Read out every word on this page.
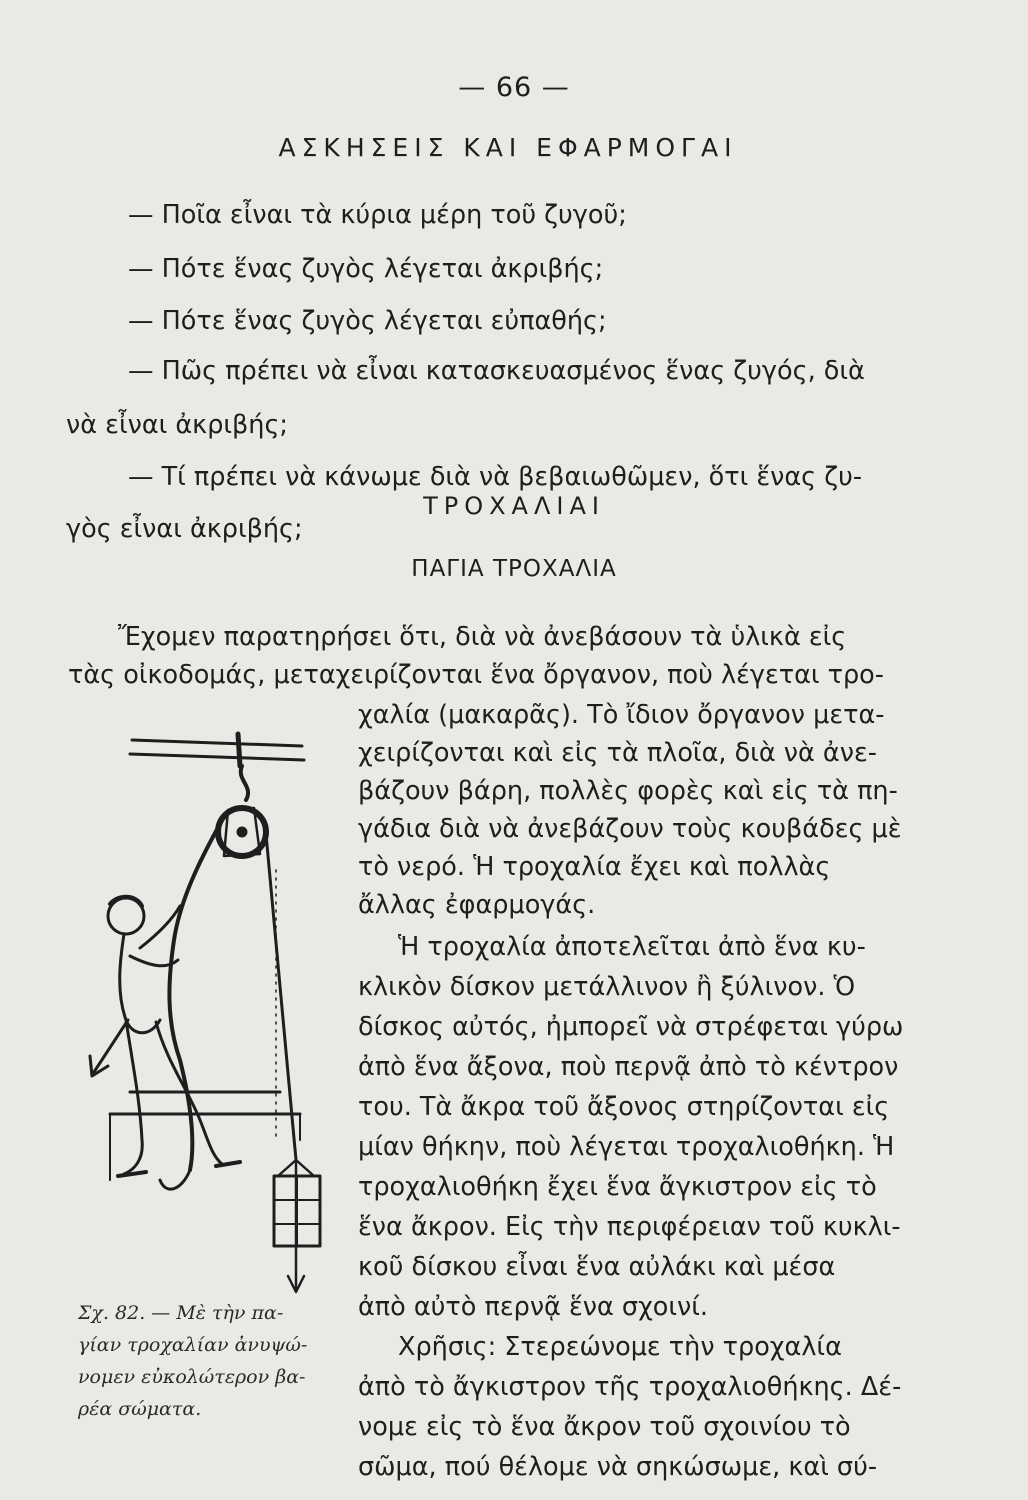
— 66 —
ΑΣΚΗΣΕΙΣ ΚΑΙ ΕΦΑΡΜΟΓΑΙ
— Ποῖα εἶναι τὰ κύρια μέρη τοῦ ζυγοῦ;
— Πότε ἕνας ζυγὸς λέγεται ἀκριβής;
— Πότε ἕνας ζυγὸς λέγεται εὐπαθής;
— Πῶς πρέπει νὰ εἶναι κατασκευασμένος ἕνας ζυγός, διὰ
νὰ εἶναι ἀκριβής;
— Τί πρέπει νὰ κάνωμε διὰ νὰ βεβαιωθῶμεν, ὅτι ἕνας ζυ-
γὸς εἶναι ἀκριβής;
ΤΡΟΧΑΛΙΑΙ
ΠΑΓΙΑ ΤΡΟΧΑΛΙΑ
Ἔχομεν παρατηρήσει ὅτι, διὰ νὰ ἀνεβάσουν τὰ ὑλικὰ εἰς
τὰς οἰκοδομάς, μεταχειρίζονται ἕνα ὄργανον, ποὺ λέγεται τρο-
χαλία (μακαρᾶς). Τὸ ἴδιον ὄργανον μετα-
χειρίζονται καὶ εἰς τὰ πλοῖα, διὰ νὰ ἀνε-
βάζουν βάρη, πολλὲς φορὲς καὶ εἰς τὰ πη-
γάδια διὰ νὰ ἀνεβάζουν τοὺς κουβάδες μὲ
τὸ νερό. Ἡ τροχαλία ἔχει καὶ πολλὰς
ἄλλας ἐφαρμογάς.
Ἡ τροχαλία ἀποτελεῖται ἀπὸ ἕνα κυ-
κλικὸν δίσκον μετάλλινον ἢ ξύλινον. Ὁ
δίσκος αὐτός, ἠμπορεῖ νὰ στρέφεται γύρω
ἀπὸ ἕνα ἄξονα, ποὺ περνᾷ ἀπὸ τὸ κέντρον
του. Τὰ ἄκρα τοῦ ἄξονος στηρίζονται εἰς
μίαν θήκην, ποὺ λέγεται τροχαλιοθήκη. Ἡ
τροχαλιοθήκη ἔχει ἕνα ἄγκιστρον εἰς τὸ
ἕνα ἄκρον. Εἰς τὴν περιφέρειαν τοῦ κυκλι-
κοῦ δίσκου εἶναι ἕνα αὐλάκι καὶ μέσα
ἀπὸ αὐτὸ περνᾷ ἕνα σχοινί.
Χρῆσις: Στερεώνομε τὴν τροχαλία
ἀπὸ τὸ ἄγκιστρον τῆς τροχαλιοθήκης. Δέ-
νομε εἰς τὸ ἕνα ἄκρον τοῦ σχοινίου τὸ
σῶμα, πού θέλομε νὰ σηκώσωμε, καὶ σύ-
Σχ. 82. — Μὲ τὴν πα-
γίαν τροχαλίαν ἀνυψώ-
νομεν εὐκολώτερον βα-
ρέα σώματα.
